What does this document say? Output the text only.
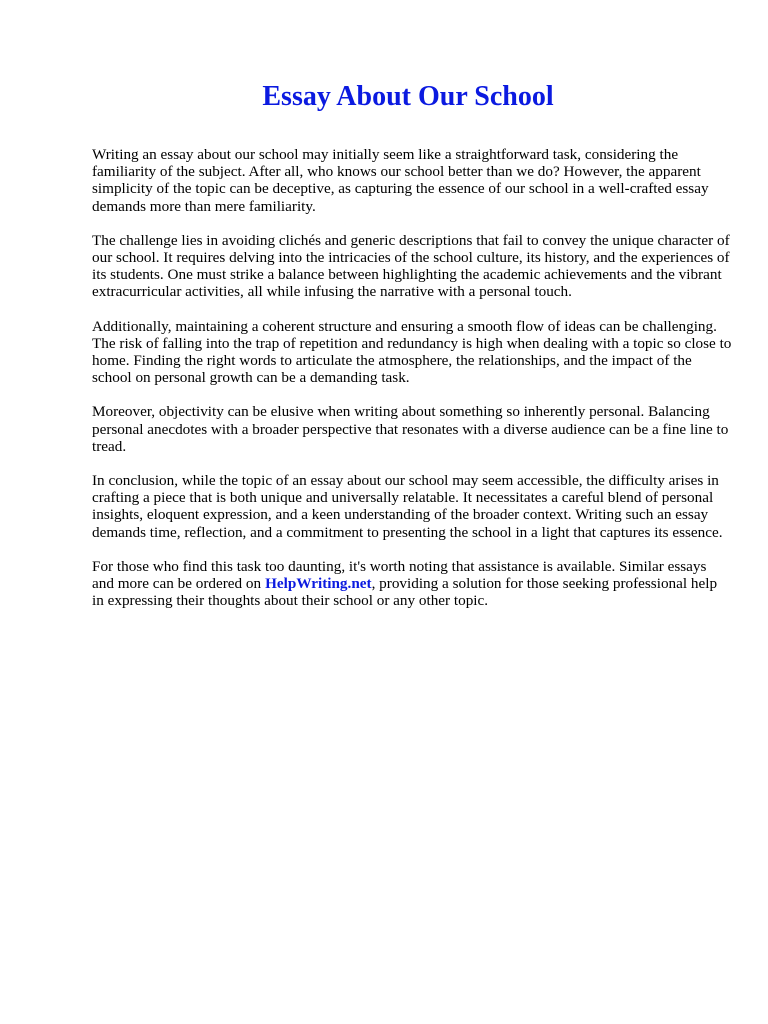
Essay About Our School

Writing an essay about our school may initially seem like a straightforward task, considering the familiarity of the subject. After all, who knows our school better than we do? However, the apparent simplicity of the topic can be deceptive, as capturing the essence of our school in a well-crafted essay demands more than mere familiarity.

The challenge lies in avoiding clichés and generic descriptions that fail to convey the unique character of our school. It requires delving into the intricacies of the school culture, its history, and the experiences of its students. One must strike a balance between highlighting the academic achievements and the vibrant extracurricular activities, all while infusing the narrative with a personal touch.

Additionally, maintaining a coherent structure and ensuring a smooth flow of ideas can be challenging. The risk of falling into the trap of repetition and redundancy is high when dealing with a topic so close to home. Finding the right words to articulate the atmosphere, the relationships, and the impact of the school on personal growth can be a demanding task.

Moreover, objectivity can be elusive when writing about something so inherently personal. Balancing personal anecdotes with a broader perspective that resonates with a diverse audience can be a fine line to tread.

In conclusion, while the topic of an essay about our school may seem accessible, the difficulty arises in crafting a piece that is both unique and universally relatable. It necessitates a careful blend of personal insights, eloquent expression, and a keen understanding of the broader context. Writing such an essay demands time, reflection, and a commitment to presenting the school in a light that captures its essence.

For those who find this task too daunting, it's worth noting that assistance is available. Similar essays and more can be ordered on HelpWriting.net, providing a solution for those seeking professional help in expressing their thoughts about their school or any other topic.
